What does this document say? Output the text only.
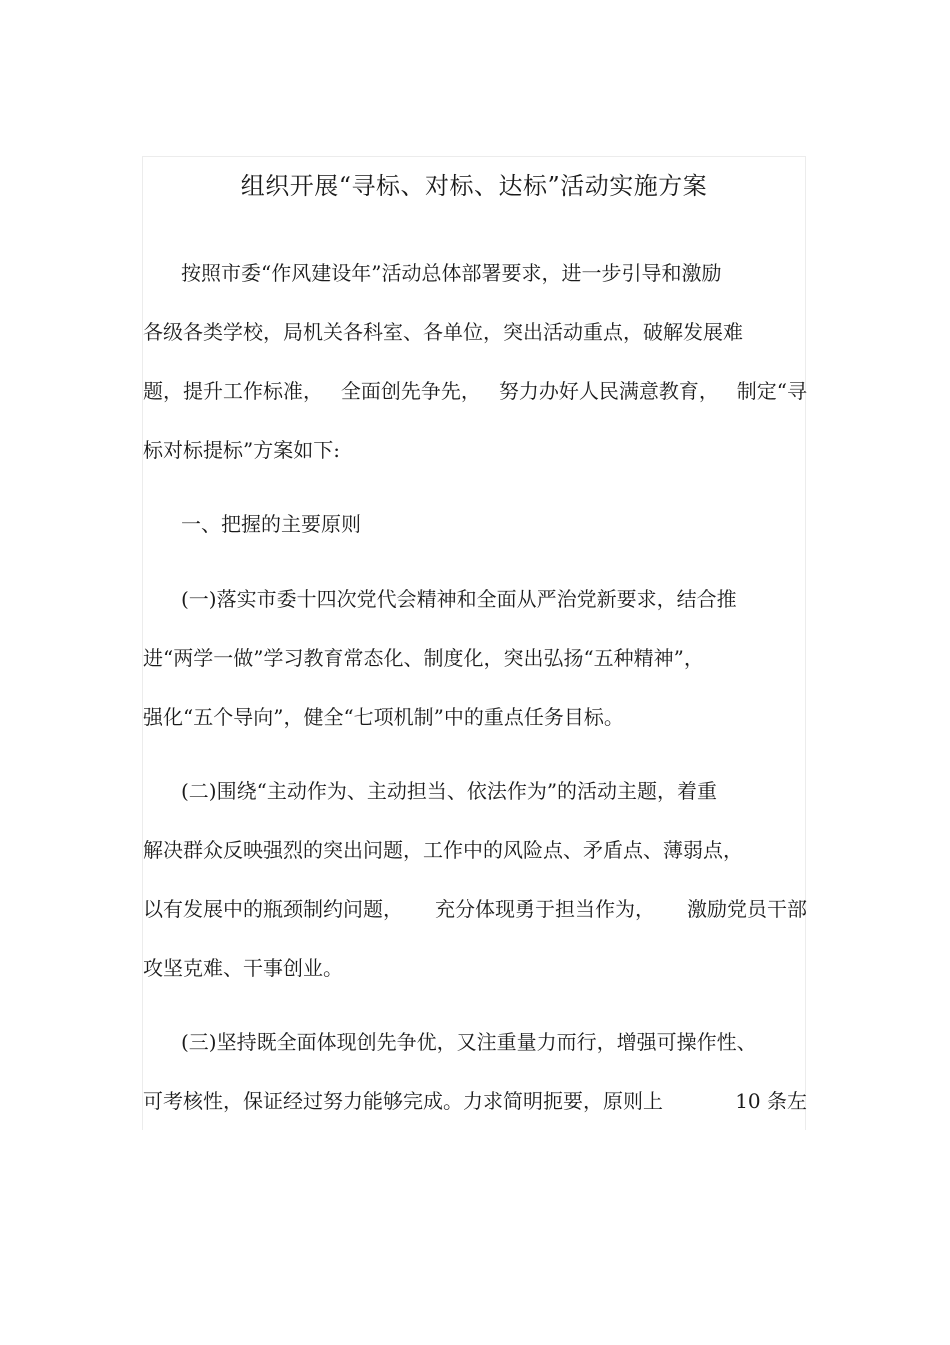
组织开展“寻标、对标、达标”活动实施方案

按照市委“作风建设年”活动总体部署要求，进一步引导和激励

各级各类学校，局机关各科室、各单位，突出活动重点，破解发展难

题，提升工作标准， 全面创先争先， 努力办好人民满意教育， 制定“寻

标对标提标”方案如下:

一、把握的主要原则

(一)落实市委十四次党代会精神和全面从严治党新要求，结合推

进“两学一做”学习教育常态化、制度化，突出弘扬“五种精神”，

强化“五个导向”，健全“七项机制”中的重点任务目标。

(二)围绕“主动作为、主动担当、依法作为”的活动主题，着重

解决群众反映强烈的突出问题，工作中的风险点、矛盾点、薄弱点，

以有发展中的瓶颈制约问题， 充分体现勇于担当作为， 激励党员干部

攻坚克难、干事创业。

(三)坚持既全面体现创先争优，又注重量力而行，增强可操作性、

可考核性，保证经过努力能够完成。力求简明扼要，原则上	10 条左
